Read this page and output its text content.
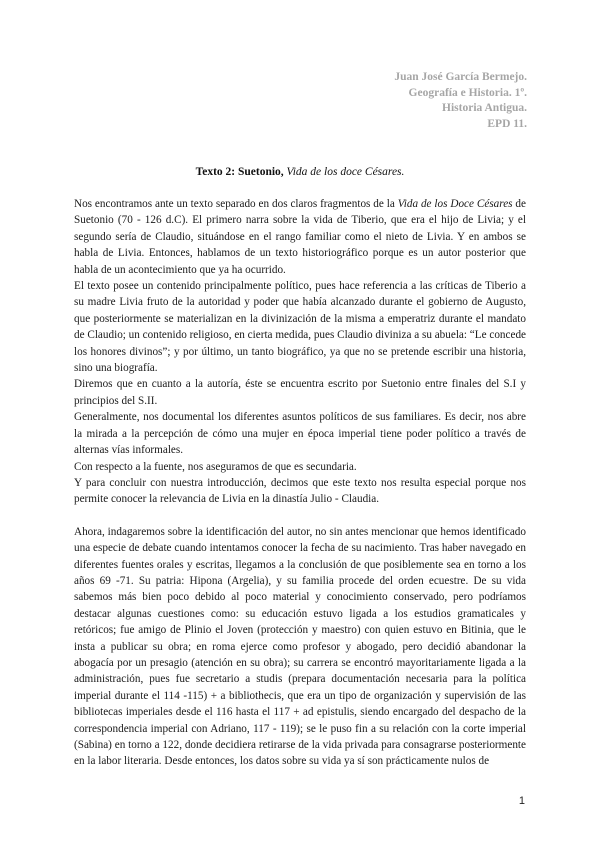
Juan José García Bermejo.
Geografía e Historia. 1º.
Historia Antigua.
EPD 11.
Texto 2: Suetonio, Vida de los doce Césares.

Nos encontramos ante un texto separado en dos claros fragmentos de la Vida de los Doce Césares de Suetonio (70 - 126 d.C). El primero narra sobre la vida de Tiberio, que era el hijo de Livia; y el segundo sería de Claudio, situándose en el rango familiar como el nieto de Livia. Y en ambos se habla de Livia. Entonces, hablamos de un texto historiográfico porque es un autor posterior que habla de un acontecimiento que ya ha ocurrido.

El texto posee un contenido principalmente político, pues hace referencia a las críticas de Tiberio a su madre Livia fruto de la autoridad y poder que había alcanzado durante el gobierno de Augusto, que posteriormente se materializan en la divinización de la misma a emperatriz durante el mandato de Claudio; un contenido religioso, en cierta medida, pues Claudio diviniza a su abuela: “Le concede los honores divinos”; y por último, un tanto biográfico, ya que no se pretende escribir una historia, sino una biografía.

Diremos que en cuanto a la autoría, éste se encuentra escrito por Suetonio entre finales del S.I y principios del S.II.

Generalmente, nos documental los diferentes asuntos políticos de sus familiares. Es decir, nos abre la mirada a la percepción de cómo una mujer en época imperial tiene poder político a través de alternas vías informales.

Con respecto a la fuente, nos aseguramos de que es secundaria.

Y para concluir con nuestra introducción, decimos que este texto nos resulta especial porque nos permite conocer la relevancia de Livia en la dinastía Julio - Claudia.

Ahora, indagaremos sobre la identificación del autor, no sin antes mencionar que hemos identificado una especie de debate cuando intentamos conocer la fecha de su nacimiento. Tras haber navegado en diferentes fuentes orales y escritas, llegamos a la conclusión de que posiblemente sea en torno a los años 69 -71. Su patria: Hipona (Argelia), y su familia procede del orden ecuestre. De su vida sabemos más bien poco debido al poco material y conocimiento conservado, pero podríamos destacar algunas cuestiones como: su educación estuvo ligada a los estudios gramaticales y retóricos; fue amigo de Plinio el Joven (protección y maestro) con quien estuvo en Bitinia, que le insta a publicar su obra; en roma ejerce como profesor y abogado, pero decidió abandonar la abogacía por un presagio (atención en su obra); su carrera se encontró mayoritariamente ligada a la administración, pues fue secretario a studis (prepara documentación necesaria para la política imperial durante el 114 -115) + a bibliothecis, que era un tipo de organización y supervisión de las bibliotecas imperiales desde el 116 hasta el 117 + ad epistulis, siendo encargado del despacho de la correspondencia imperial con Adriano, 117 - 119); se le puso fin a su relación con la corte imperial (Sabina) en torno a 122, donde decidiera retirarse de la vida privada para consagrarse posteriormente en la labor literaria. Desde entonces, los datos sobre su vida ya sí son prácticamente nulos de

1
